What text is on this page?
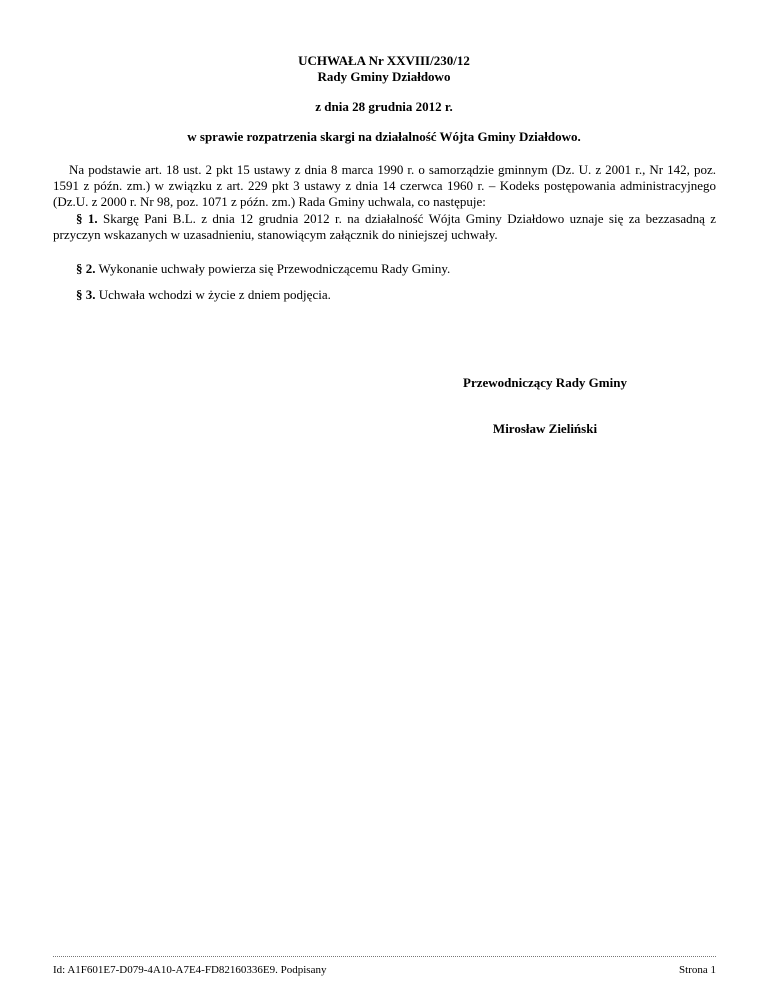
UCHWAŁA Nr XXVIII/230/12
Rady Gminy Działdowo
z dnia 28 grudnia 2012 r.
w sprawie rozpatrzenia skargi na działalność Wójta Gminy Działdowo.
Na podstawie art. 18 ust. 2 pkt 15 ustawy z dnia 8 marca 1990 r. o samorządzie gminnym (Dz. U. z 2001 r., Nr 142, poz. 1591 z późn. zm.) w związku z art. 229 pkt 3 ustawy z dnia 14 czerwca 1960 r. – Kodeks postępowania administracyjnego (Dz.U. z 2000 r. Nr 98, poz. 1071 z późn. zm.) Rada Gminy uchwala, co następuje:
§ 1. Skargę Pani B.L. z dnia 12 grudnia 2012 r. na działalność Wójta Gminy Działdowo uznaje się za bezzasadną z przyczyn wskazanych w uzasadnieniu, stanowiącym załącznik do niniejszej uchwały.
§ 2. Wykonanie uchwały powierza się Przewodniczącemu Rady Gminy.
§ 3. Uchwała wchodzi w życie z dniem podjęcia.
Przewodniczący Rady Gminy
Mirosław Zieliński
Id: A1F601E7-D079-4A10-A7E4-FD82160336E9. Podpisany	Strona 1
